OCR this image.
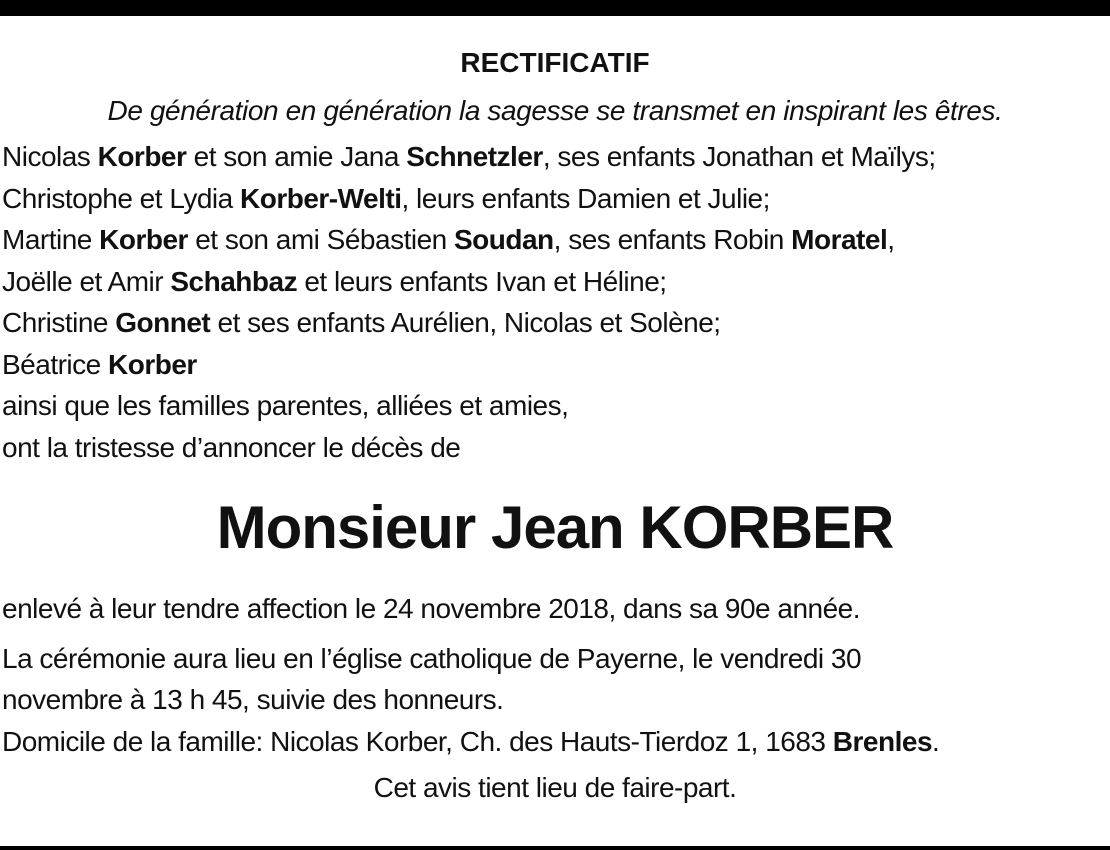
RECTIFICATIF
De génération en génération la sagesse se transmet en inspirant les êtres.
Nicolas Korber et son amie Jana Schnetzler, ses enfants Jonathan et Maïlys;
Christophe et Lydia Korber-Welti, leurs enfants Damien et Julie;
Martine Korber et son ami Sébastien Soudan, ses enfants Robin Moratel,
Joëlle et Amir Schahbaz et leurs enfants Ivan et Héline;
Christine Gonnet et ses enfants Aurélien, Nicolas et Solène;
Béatrice Korber
ainsi que les familles parentes, alliées et amies,
ont la tristesse d’annoncer le décès de
Monsieur Jean KORBER
enlevé à leur tendre affection le 24 novembre 2018, dans sa 90e année.
La cérémonie aura lieu en l’église catholique de Payerne, le vendredi 30
novembre à 13 h 45, suivie des honneurs.
Domicile de la famille: Nicolas Korber, Ch. des Hauts-Tierdoz 1, 1683 Brenles.
Cet avis tient lieu de faire-part.
